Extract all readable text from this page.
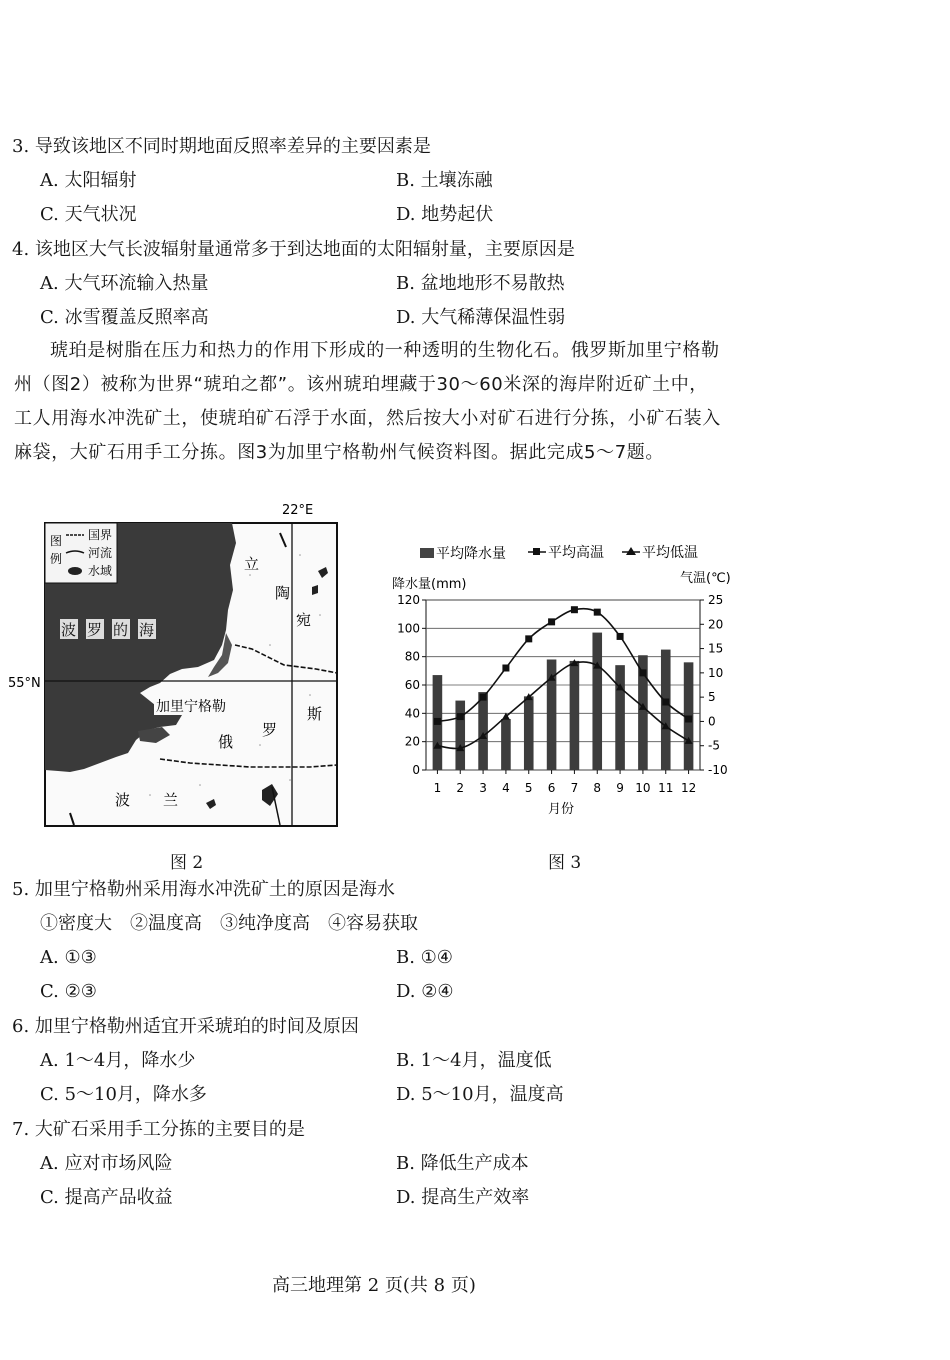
3. 导致该地区不同时期地面反照率差异的主要因素是
A. 太阳辐射	B. 土壤冻融
C. 天气状况	D. 地势起伏
4. 该地区大气长波辐射量通常多于到达地面的太阳辐射量，主要原因是
A. 大气环流输入热量	B. 盆地地形不易散热
C. 冰雪覆盖反照率高	D. 大气稀薄保温性弱
琥珀是树脂在压力和热力的作用下形成的一种透明的生物化石。俄罗斯加里宁格勒
州（图2）被称为世界“琥珀之都”。该州琥珀埋藏于30～60米深的海岸附近矿土中，
工人用海水冲洗矿土，使琥珀矿石浮于水面，然后按大小对矿石进行分拣，小矿石装入
麻袋，大矿石用手工分拣。图3为加里宁格勒州气候资料图。据此完成5～7题。
22°E
55°N
图
例
国界
河流
水域
波 罗 的 海
立
陶
宛
加里宁格勒
罗
俄
斯
波 兰
图 2
平均降水量	平均高温	平均低温
降水量(mm)	气温(℃)
月份
120
100
80
60
40
20
0
25
20
15
10
5
0
-5
-10
1 2 3 4 5 6 7 8 9 10 11 12
图 3
5. 加里宁格勒州采用海水冲洗矿土的原因是海水
①密度大　②温度高　③纯净度高　④容易获取
A. ①③	B. ①④
C. ②③	D. ②④
6. 加里宁格勒州适宜开采琥珀的时间及原因
A. 1～4月，降水少	B. 1～4月，温度低
C. 5～10月，降水多	D. 5～10月，温度高
7. 大矿石采用手工分拣的主要目的是
A. 应对市场风险	B. 降低生产成本
C. 提高产品收益	D. 提高生产效率
高三地理第 2 页(共 8 页)
